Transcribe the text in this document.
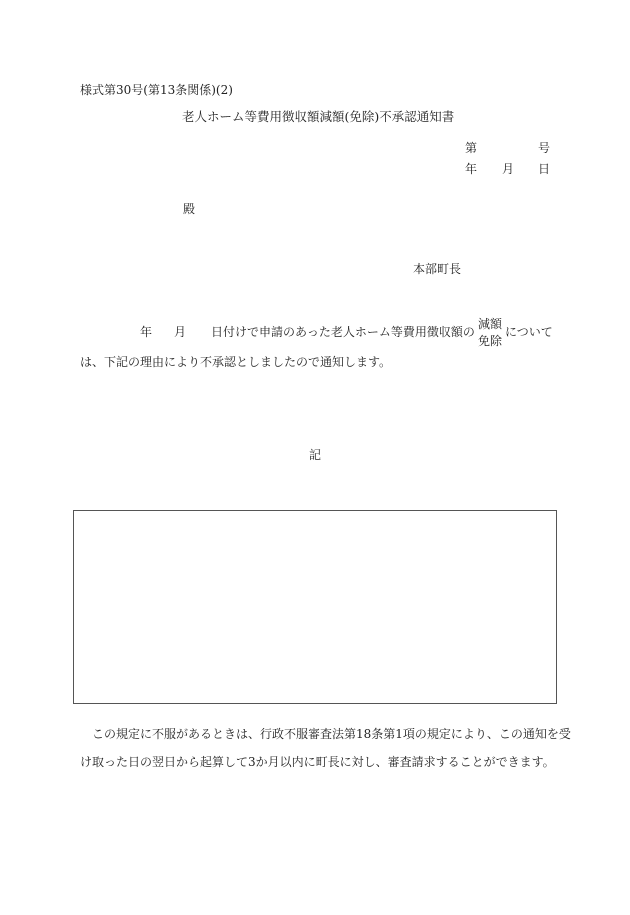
様式第30号(第13条関係)(2)
老人ホーム等費用徴収額減額(免除)不承認通知書
第	号
年 月 日
殿
本部町長
年 月 日付けで申請のあった老人ホーム等費用徴収額の
減額
免除
について
は、下記の理由により不承認としましたので通知します。
記
この規定に不服があるときは、行政不服審査法第18条第1項の規定により、この通知を受
け取った日の翌日から起算して3か月以内に町長に対し、審査請求することができます。
